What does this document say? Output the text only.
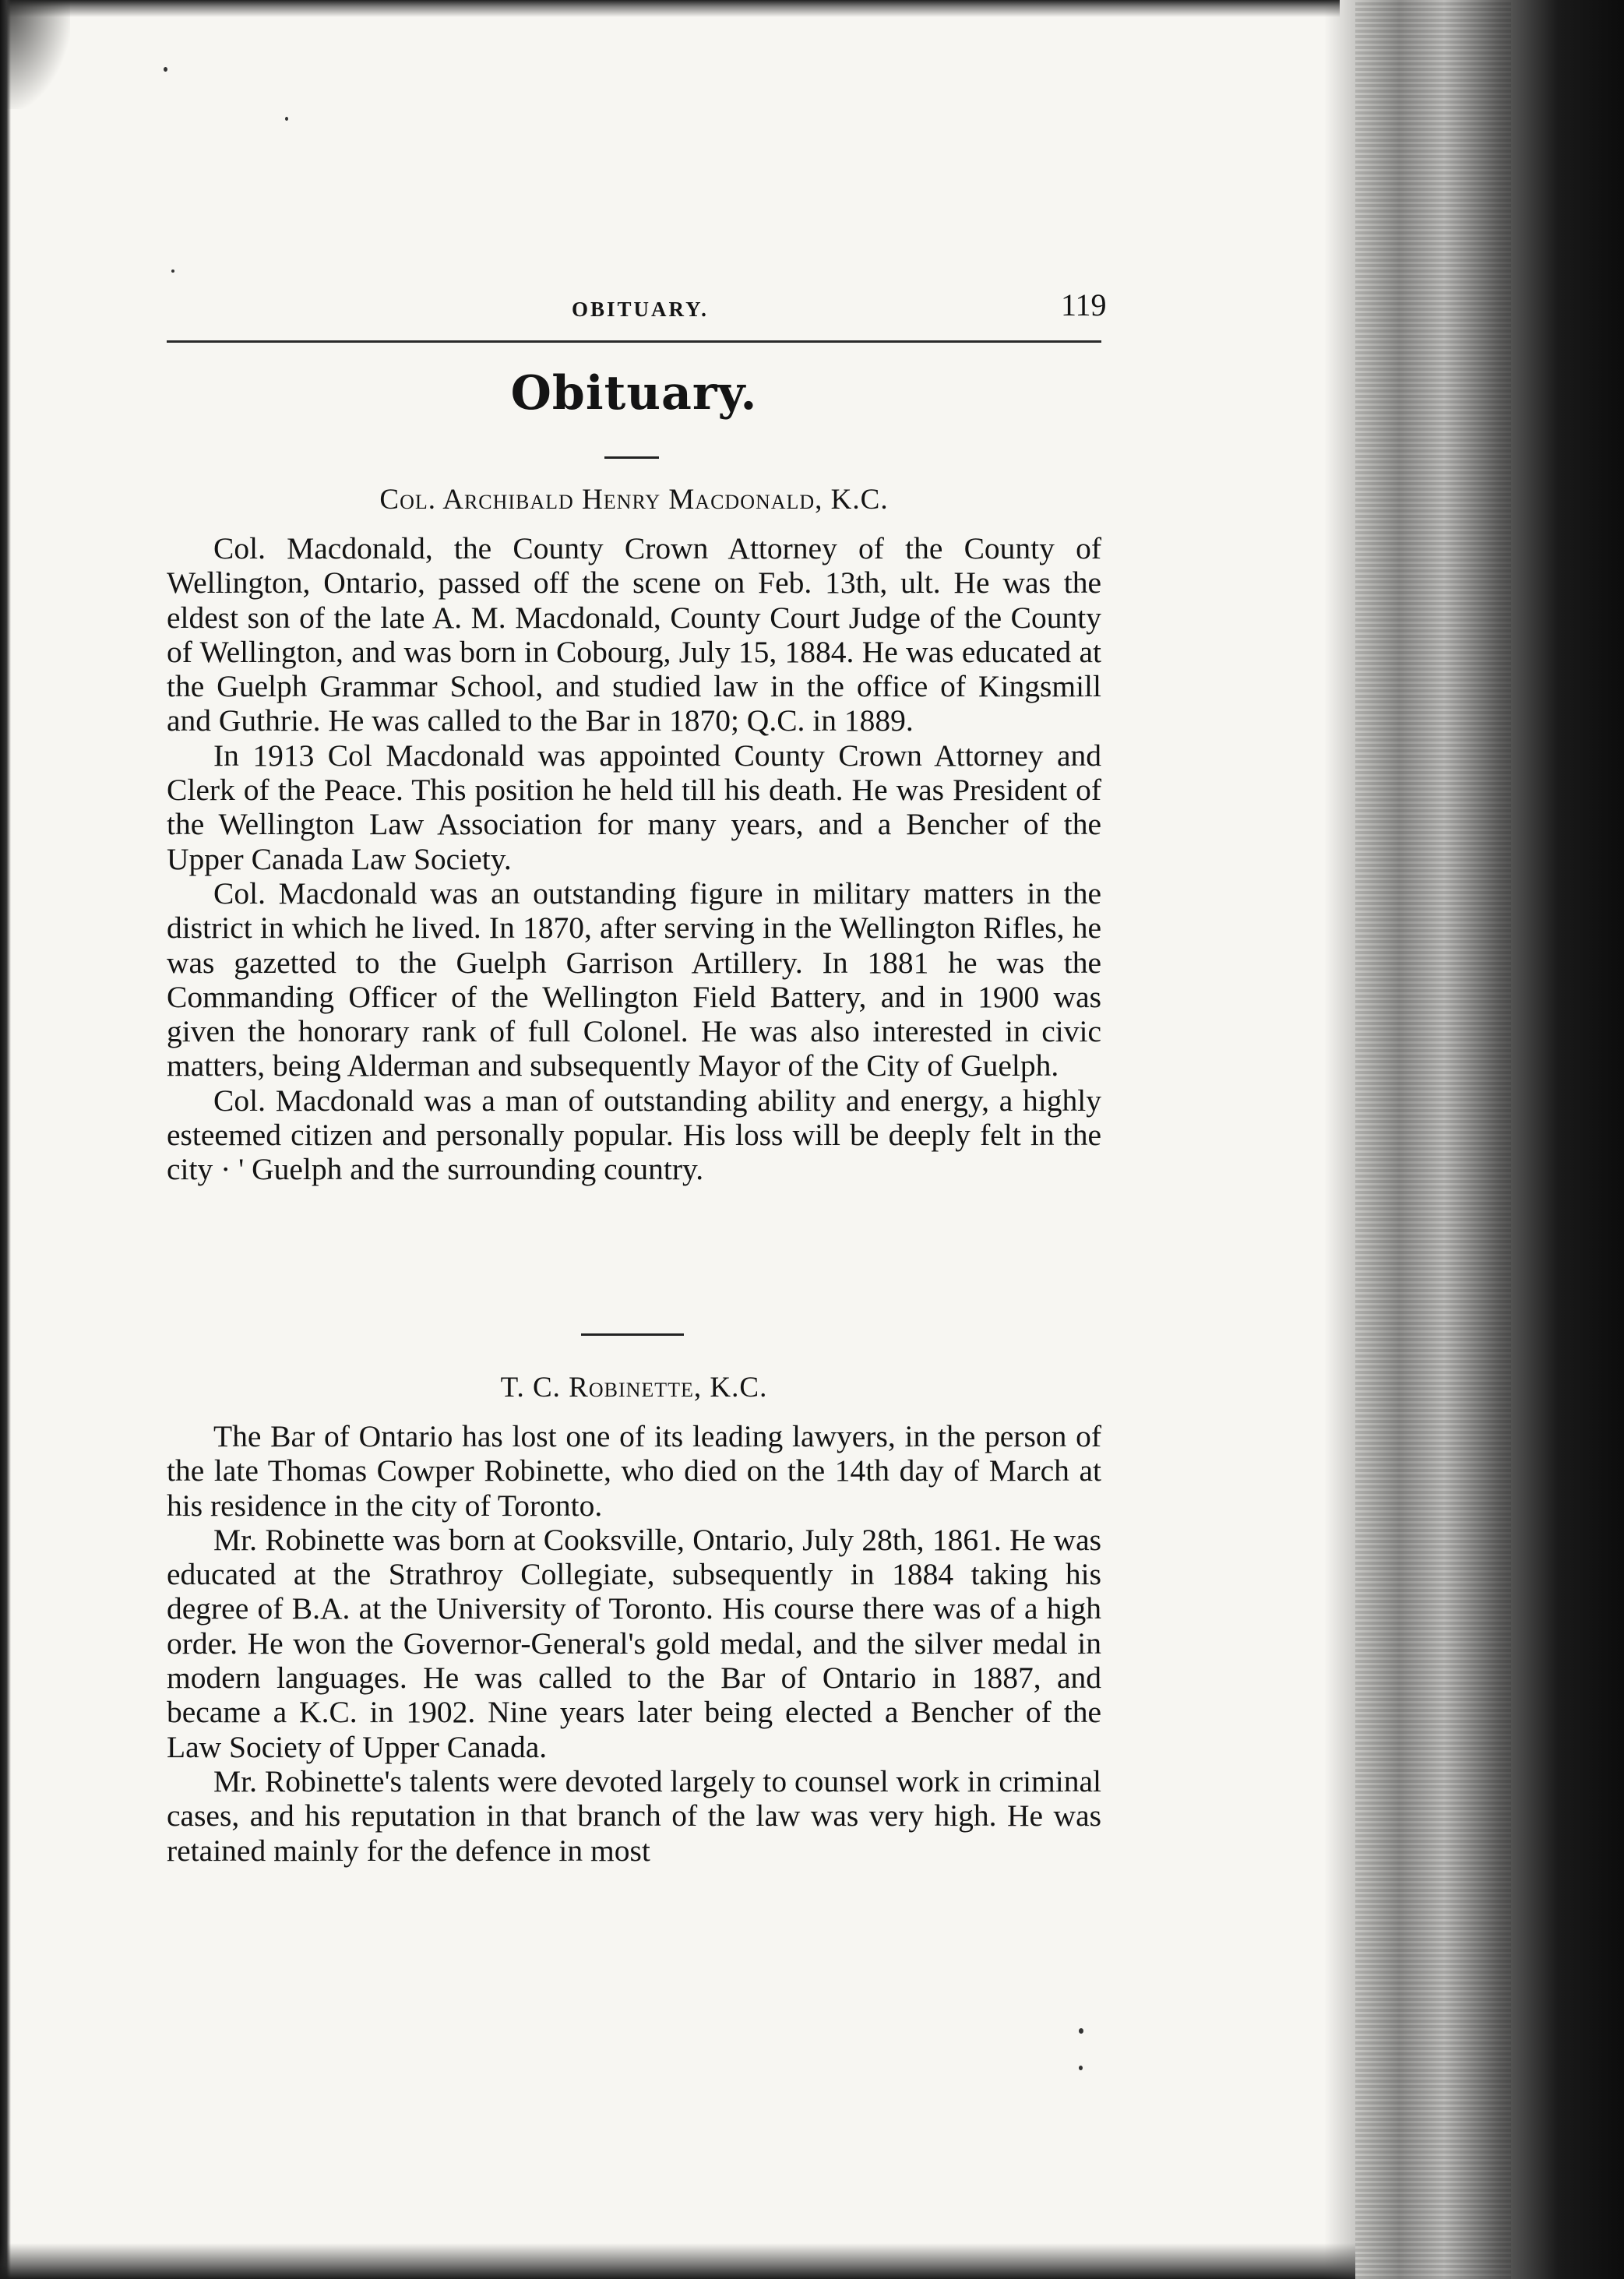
OBITUARY.	119
Obituary.
Col. Archibald Henry Macdonald, K.C.

Col. Macdonald, the County Crown Attorney of the County of Wellington, Ontario, passed off the scene on Feb. 13th, ult. He was the eldest son of the late A. M. Macdonald, County Court Judge of the County of Wellington, and was born in Cobourg, July 15, 1884. He was educated at the Guelph Grammar School, and studied law in the office of Kingsmill and Guthrie. He was called to the Bar in 1870; Q.C. in 1889.

In 1913 Col Macdonald was appointed County Crown Attorney and Clerk of the Peace. This position he held till his death. He was President of the Wellington Law Association for many years, and a Bencher of the Upper Canada Law Society.

Col. Macdonald was an outstanding figure in military matters in the district in which he lived. In 1870, after serving in the Wellington Rifles, he was gazetted to the Guelph Garrison Artillery. In 1881 he was the Commanding Officer of the Wellington Field Battery, and in 1900 was given the honorary rank of full Colonel. He was also interested in civic matters, being Alderman and subsequently Mayor of the City of Guelph.

Col. Macdonald was a man of outstanding ability and energy, a highly esteemed citizen and personally popular. His loss will be deeply felt in the city · ' Guelph and the surrounding country.

T. C. Robinette, K.C.

The Bar of Ontario has lost one of its leading lawyers, in the person of the late Thomas Cowper Robinette, who died on the 14th day of March at his residence in the city of Toronto.

Mr. Robinette was born at Cooksville, Ontario, July 28th, 1861. He was educated at the Strathroy Collegiate, subsequently in 1884 taking his degree of B.A. at the University of Toronto. His course there was of a high order. He won the Governor-General's gold medal, and the silver medal in modern languages. He was called to the Bar of Ontario in 1887, and became a K.C. in 1902. Nine years later being elected a Bencher of the Law Society of Upper Canada.

Mr. Robinette's talents were devoted largely to counsel work in criminal cases, and his reputation in that branch of the law was very high. He was retained mainly for the defence in most
